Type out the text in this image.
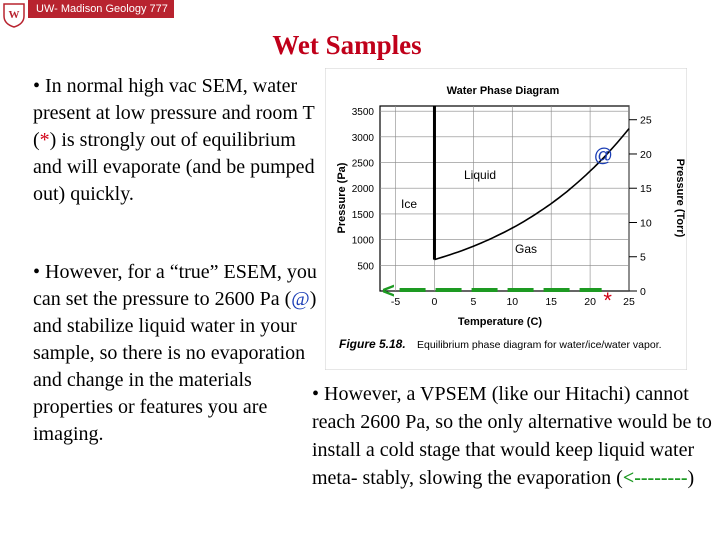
W	UW- Madison Geology 777
Wet Samples
• In normal high vac SEM, water present at low pressure and room T (*) is strongly out of equilibrium and will evaporate (and be pumped out) quickly.
• However, for a “true” ESEM, you can set the pressure to 2600 Pa (@) and stabilize liquid water in your sample, so there is no evaporation and change in the materials properties or features you are imaging.
• However, a VPSEM (like our Hitachi) cannot reach 2600 Pa, so the only alternative would be to install a cold stage that would keep liquid water meta- stably, slowing the evaporation (<--------)
-5	0	5	10	15	20	25
3500
3000
2500
2000
1500
1000
500
25
20
15
10
5
0
<
@
*
Water Phase Diagram
Pressure (Pa)	Pressure (Torr)
Temperature (C)
Liquid
Ice
Gas
Figure 5.18. Equilibrium phase diagram for water/ice/water vapor.
